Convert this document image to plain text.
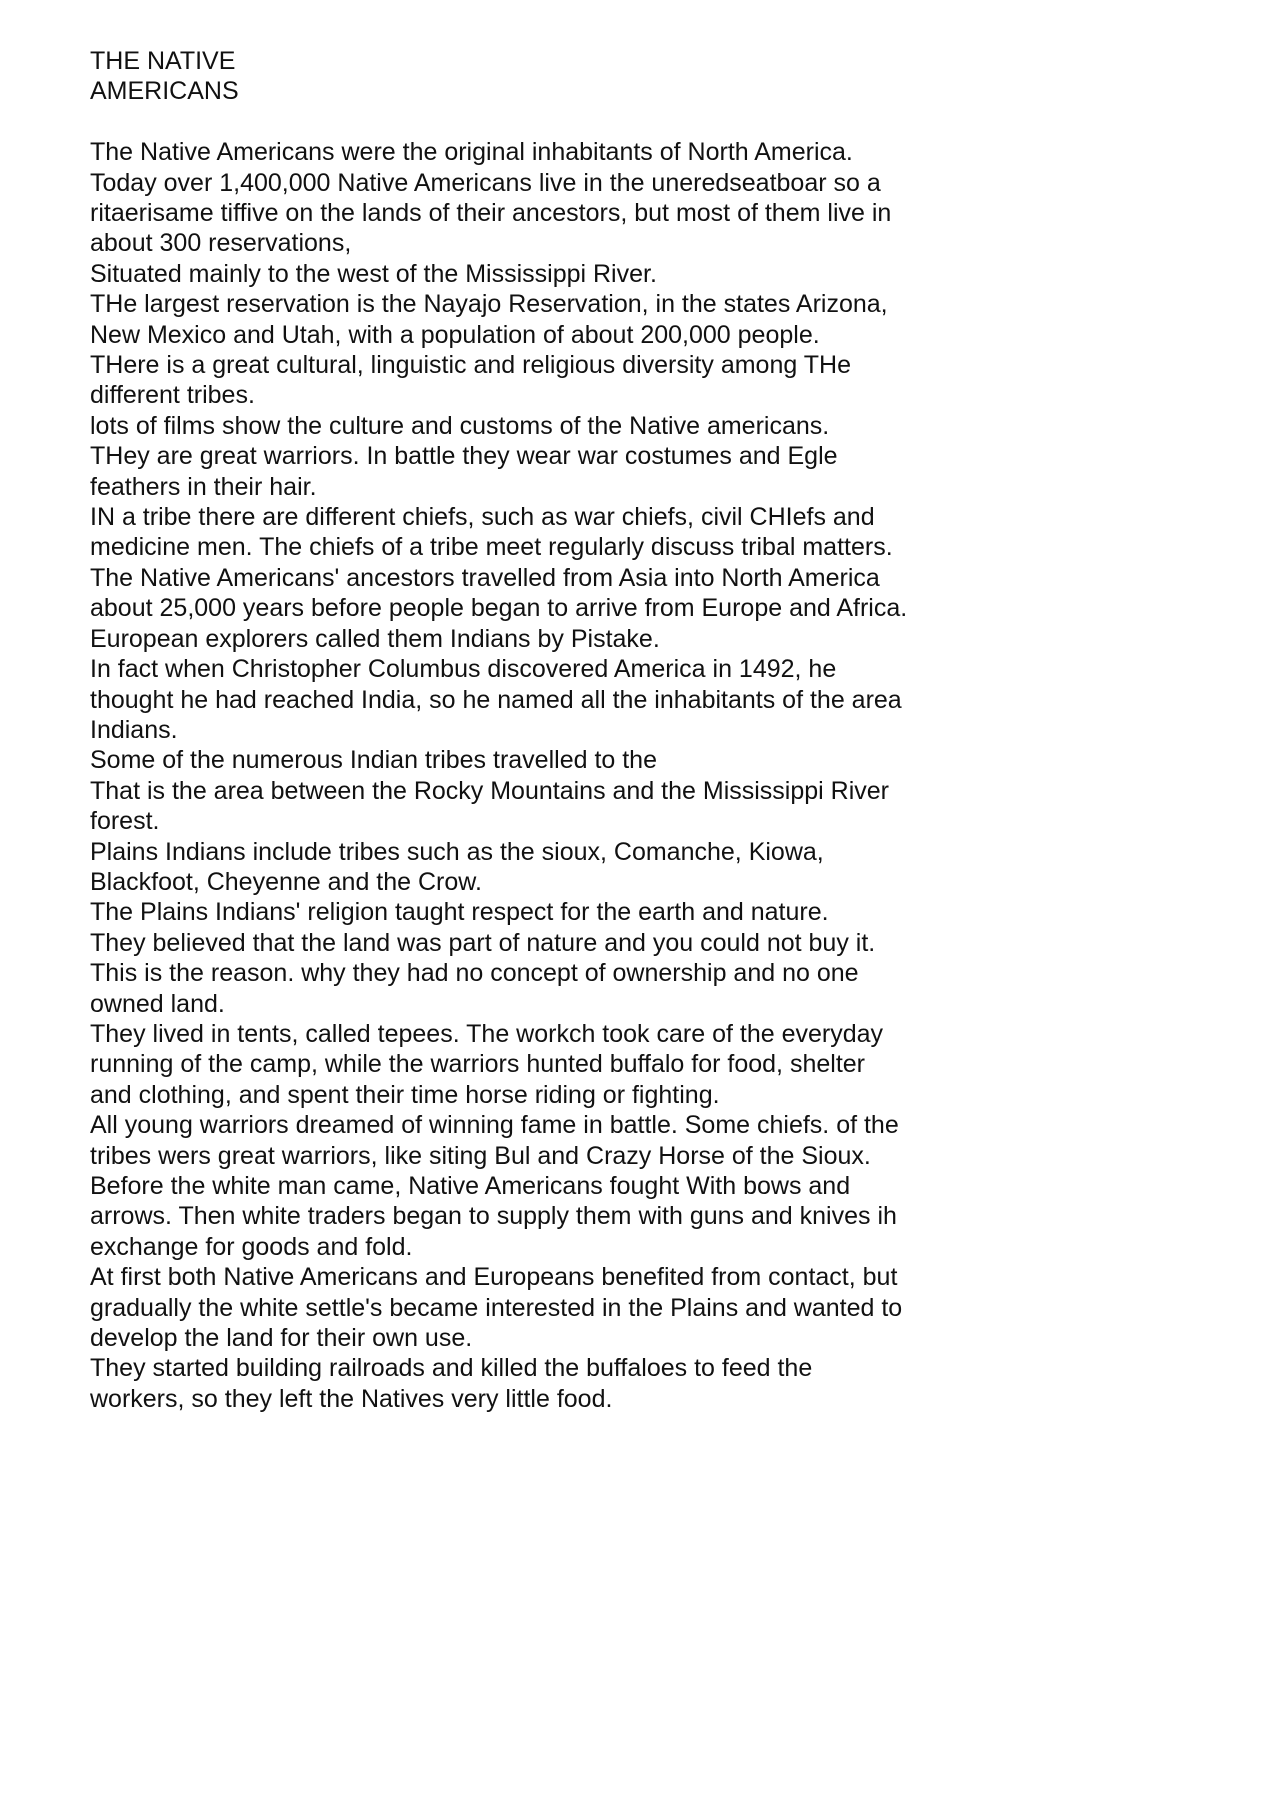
THE NATIVE
AMERICANS

The Native Americans were the original inhabitants of North America.

Today over 1,400,000 Native Americans live in the uneredseatboar so a ritaerisame tiffive on the lands of their ancestors, but most of them live in about 300 reservations,

Situated mainly to the west of the Mississippi River.

THe largest reservation is the Nayajo Reservation, in the states Arizona, New Mexico and Utah, with a population of about 200,000 people.

THere is a great cultural, linguistic and religious diversity among THe different tribes.

lots of films show the culture and customs of the Native americans.

THey are great warriors. In battle they wear war costumes and Egle feathers in their hair.

IN a tribe there are different chiefs, such as war chiefs, civil CHIefs and medicine men. The chiefs of a tribe meet regularly discuss tribal matters.

The Native Americans' ancestors travelled from Asia into North America about 25,000 years before people began to arrive from Europe and Africa.

European explorers called them Indians by Pistake.

In fact when Christopher Columbus discovered America in 1492, he thought he had reached India, so he named all the inhabitants of the area Indians.

Some of the numerous Indian tribes travelled to the

That is the area between the Rocky Mountains and the Mississippi River forest.

Plains Indians include tribes such as the sioux, Comanche, Kiowa, Blackfoot, Cheyenne and the Crow.

The Plains Indians' religion taught respect for the earth and nature.

They believed that the land was part of nature and you could not buy it. This is the reason. why they had no concept of ownership and no one owned land.

They lived in tents, called tepees. The workch took care of the everyday running of the camp, while the warriors hunted buffalo for food, shelter and clothing, and spent their time horse riding or fighting.

All young warriors dreamed of winning fame in battle. Some chiefs. of the tribes wers great warriors, like siting Bul and Crazy Horse of the Sioux.

Before the white man came, Native Americans fought With bows and arrows. Then white traders began to supply them with guns and knives ih exchange for goods and fold.

At first both Native Americans and Europeans benefited from contact, but gradually the white settle's became interested in the Plains and wanted to develop the land for their own use.

They started building railroads and killed the buffaloes to feed the workers, so they left the Natives very little food.
